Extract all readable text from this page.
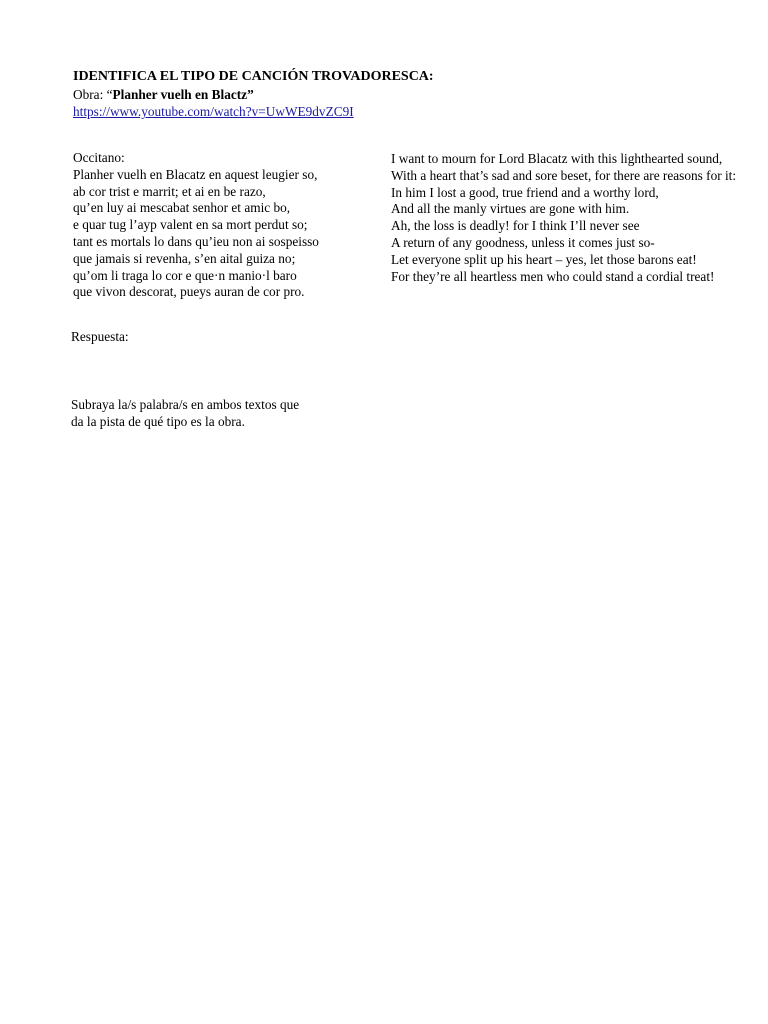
IDENTIFICA EL TIPO DE CANCIÓN TROVADORESCA:
Obra: “Planher vuelh en Blactz”
https://www.youtube.com/watch?v=UwWE9dvZC9I
Occitano:
Planher vuelh en Blacatz en aquest leugier so,
ab cor trist e marrit; et ai en be razo,
qu’en luy ai mescabat senhor et amic bo,
e quar tug l’ayp valent en sa mort perdut so;
tant es mortals lo dans qu’ieu non ai sospeisso
que jamais si revenha, s’en aital guiza no;
qu’om li traga lo cor e que·n manio·l baro
que vivon descorat, pueys auran de cor pro.
I want to mourn for Lord Blacatz with this lighthearted sound,
With a heart that’s sad and sore beset, for there are reasons for it:
In him I lost a good, true friend and a worthy lord,
And all the manly virtues are gone with him.
Ah, the loss is deadly! for I think I’ll never see
A return of any goodness, unless it comes just so-
Let everyone split up his heart – yes, let those barons eat!
For they’re all heartless men who could stand a cordial treat!
Respuesta:
Subraya la/s palabra/s en ambos textos que da la pista de qué tipo es la obra.
